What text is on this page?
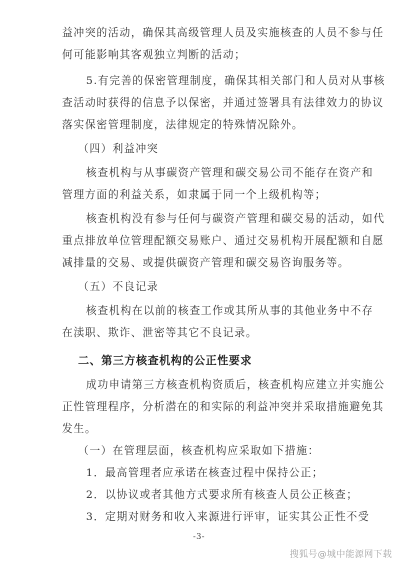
益冲突的活动，确保其高级管理人员及实施核查的人员不参与任
何可能影响其客观独立判断的活动；
5.有完善的保密管理制度，确保其相关部门和人员对从事核
查活动时获得的信息予以保密，并通过签署具有法律效力的协议
落实保密管理制度，法律规定的特殊情况除外。
（四）利益冲突
核查机构与从事碳资产管理和碳交易公司不能存在资产和
管理方面的利益关系，如隶属于同一个上级机构等；
核查机构没有参与任何与碳资产管理和碳交易的活动，如代
重点排放单位管理配额交易账户、通过交易机构开展配额和自愿
减排量的交易、或提供碳资产管理和碳交易咨询服务等。
（五）不良记录
核查机构在以前的核查工作或其所从事的其他业务中不存
在渎职、欺诈、泄密等其它不良记录。
二、第三方核查机构的公正性要求
成功申请第三方核查机构资质后，核查机构应建立并实施公
正性管理程序，分析潜在的和实际的利益冲突并采取措施避免其
发生。
（一）在管理层面，核查机构应采取如下措施：
1．最高管理者应承诺在核查过程中保持公正；
2．以协议或者其他方式要求所有核查人员公正核查；
-3-
搜狐号@城中能源网下载
3．定期对财务和收入来源进行评审，证实其公正性不受
